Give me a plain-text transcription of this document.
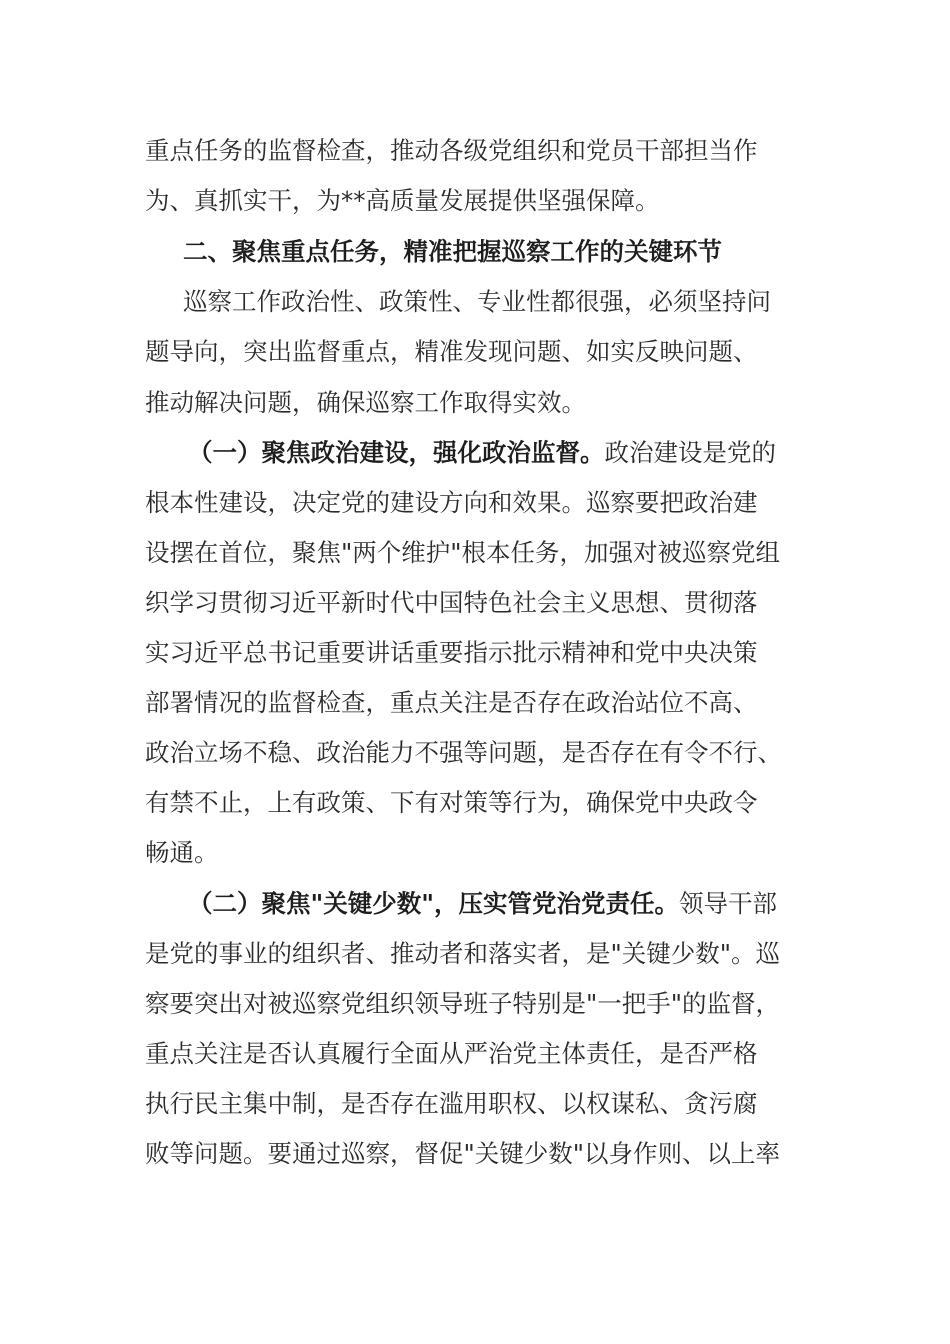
重点任务的监督检查，推动各级党组织和党员干部担当作
为、真抓实干，为**高质量发展提供坚强保障。
二、聚焦重点任务，精准把握巡察工作的关键环节
巡察工作政治性、政策性、专业性都很强，必须坚持问
题导向，突出监督重点，精准发现问题、如实反映问题、
推动解决问题，确保巡察工作取得实效。
（一）聚焦政治建设，强化政治监督。政治建设是党的
根本性建设，决定党的建设方向和效果。巡察要把政治建
设摆在首位，聚焦"两个维护"根本任务，加强对被巡察党组
织学习贯彻习近平新时代中国特色社会主义思想、贯彻落
实习近平总书记重要讲话重要指示批示精神和党中央决策
部署情况的监督检查，重点关注是否存在政治站位不高、
政治立场不稳、政治能力不强等问题，是否存在有令不行、
有禁不止，上有政策、下有对策等行为，确保党中央政令
畅通。
（二）聚焦"关键少数"，压实管党治党责任。领导干部
是党的事业的组织者、推动者和落实者，是"关键少数"。巡
察要突出对被巡察党组织领导班子特别是"一把手"的监督，
重点关注是否认真履行全面从严治党主体责任，是否严格
执行民主集中制，是否存在滥用职权、以权谋私、贪污腐
败等问题。要通过巡察，督促"关键少数"以身作则、以上率
